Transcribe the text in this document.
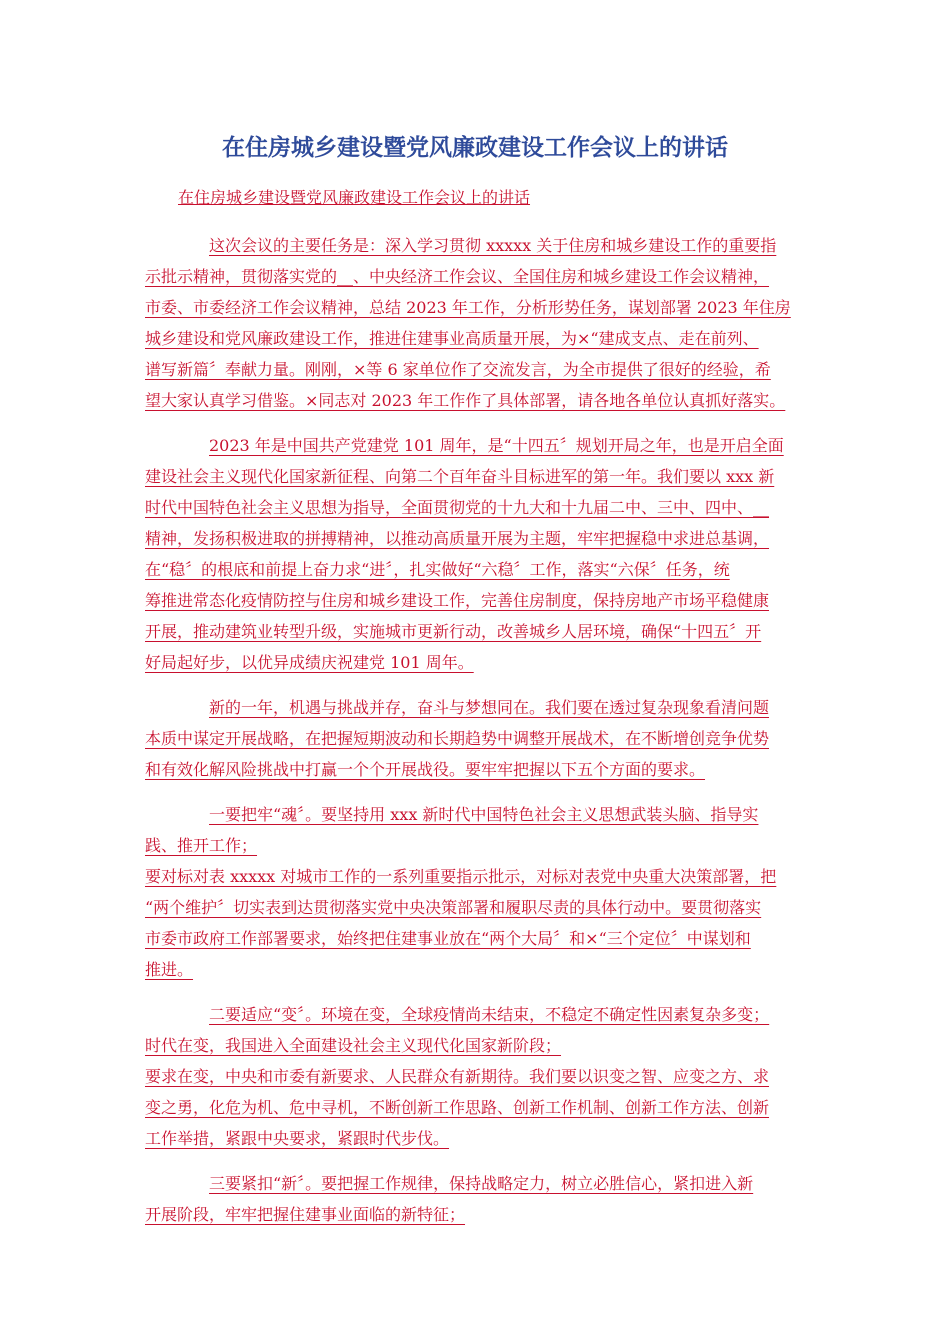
在住房城乡建设暨党风廉政建设工作会议上的讲话

在住房城乡建设暨党风廉政建设工作会议上的讲话

这次会议的主要任务是：深入学习贯彻 xxxxx 关于住房和城乡建设工作的重要指
示批示精神，贯彻落实党的__、中央经济工作会议、全国住房和城乡建设工作会议精神，
市委、市委经济工作会议精神，总结 2023 年工作，分析形势任务，谋划部署 2023 年住房
城乡建设和党风廉政建设工作，推进住建事业高质量开展，为×“建成支点、走在前列、
谱写新篇〞奉献力量。刚刚，×等 6 家单位作了交流发言，为全市提供了很好的经验，希
望大家认真学习借鉴。×同志对 2023 年工作作了具体部署，请各地各单位认真抓好落实。
2023 年是中国共产党建党 101 周年，是“十四五〞规划开局之年，也是开启全面
建设社会主义现代化国家新征程、向第二个百年奋斗目标进军的第一年。我们要以 xxx 新
时代中国特色社会主义思想为指导，全面贯彻党的十九大和十九届二中、三中、四中、__
精神，发扬积极进取的拼搏精神，以推动高质量开展为主题，牢牢把握稳中求进总基调，
在“稳〞的根底和前提上奋力求“进〞，扎实做好“六稳〞工作，落实“六保〞任务，统
筹推进常态化疫情防控与住房和城乡建设工作，完善住房制度，保持房地产市场平稳健康
开展，推动建筑业转型升级，实施城市更新行动，改善城乡人居环境，确保“十四五〞开
好局起好步，以优异成绩庆祝建党 101 周年。
新的一年，机遇与挑战并存，奋斗与梦想同在。我们要在透过复杂现象看清问题
本质中谋定开展战略，在把握短期波动和长期趋势中调整开展战术，在不断增创竞争优势
和有效化解风险挑战中打赢一个个开展战役。要牢牢把握以下五个方面的要求。
一要把牢“魂〞。要坚持用 xxx 新时代中国特色社会主义思想武装头脑、指导实
践、推开工作；
要对标对表 xxxxx 对城市工作的一系列重要指示批示，对标对表党中央重大决策部署，把
“两个维护〞切实表到达贯彻落实党中央决策部署和履职尽责的具体行动中。要贯彻落实
市委市政府工作部署要求，始终把住建事业放在“两个大局〞和×“三个定位〞中谋划和
推进。
二要适应“变〞。环境在变，全球疫情尚未结束，不稳定不确定性因素复杂多变；
时代在变，我国进入全面建设社会主义现代化国家新阶段；
要求在变，中央和市委有新要求、人民群众有新期待。我们要以识变之智、应变之方、求
变之勇，化危为机、危中寻机，不断创新工作思路、创新工作机制、创新工作方法、创新
工作举措，紧跟中央要求，紧跟时代步伐。
三要紧扣“新〞。要把握工作规律，保持战略定力，树立必胜信心，紧扣进入新
开展阶段，牢牢把握住建事业面临的新特征；
